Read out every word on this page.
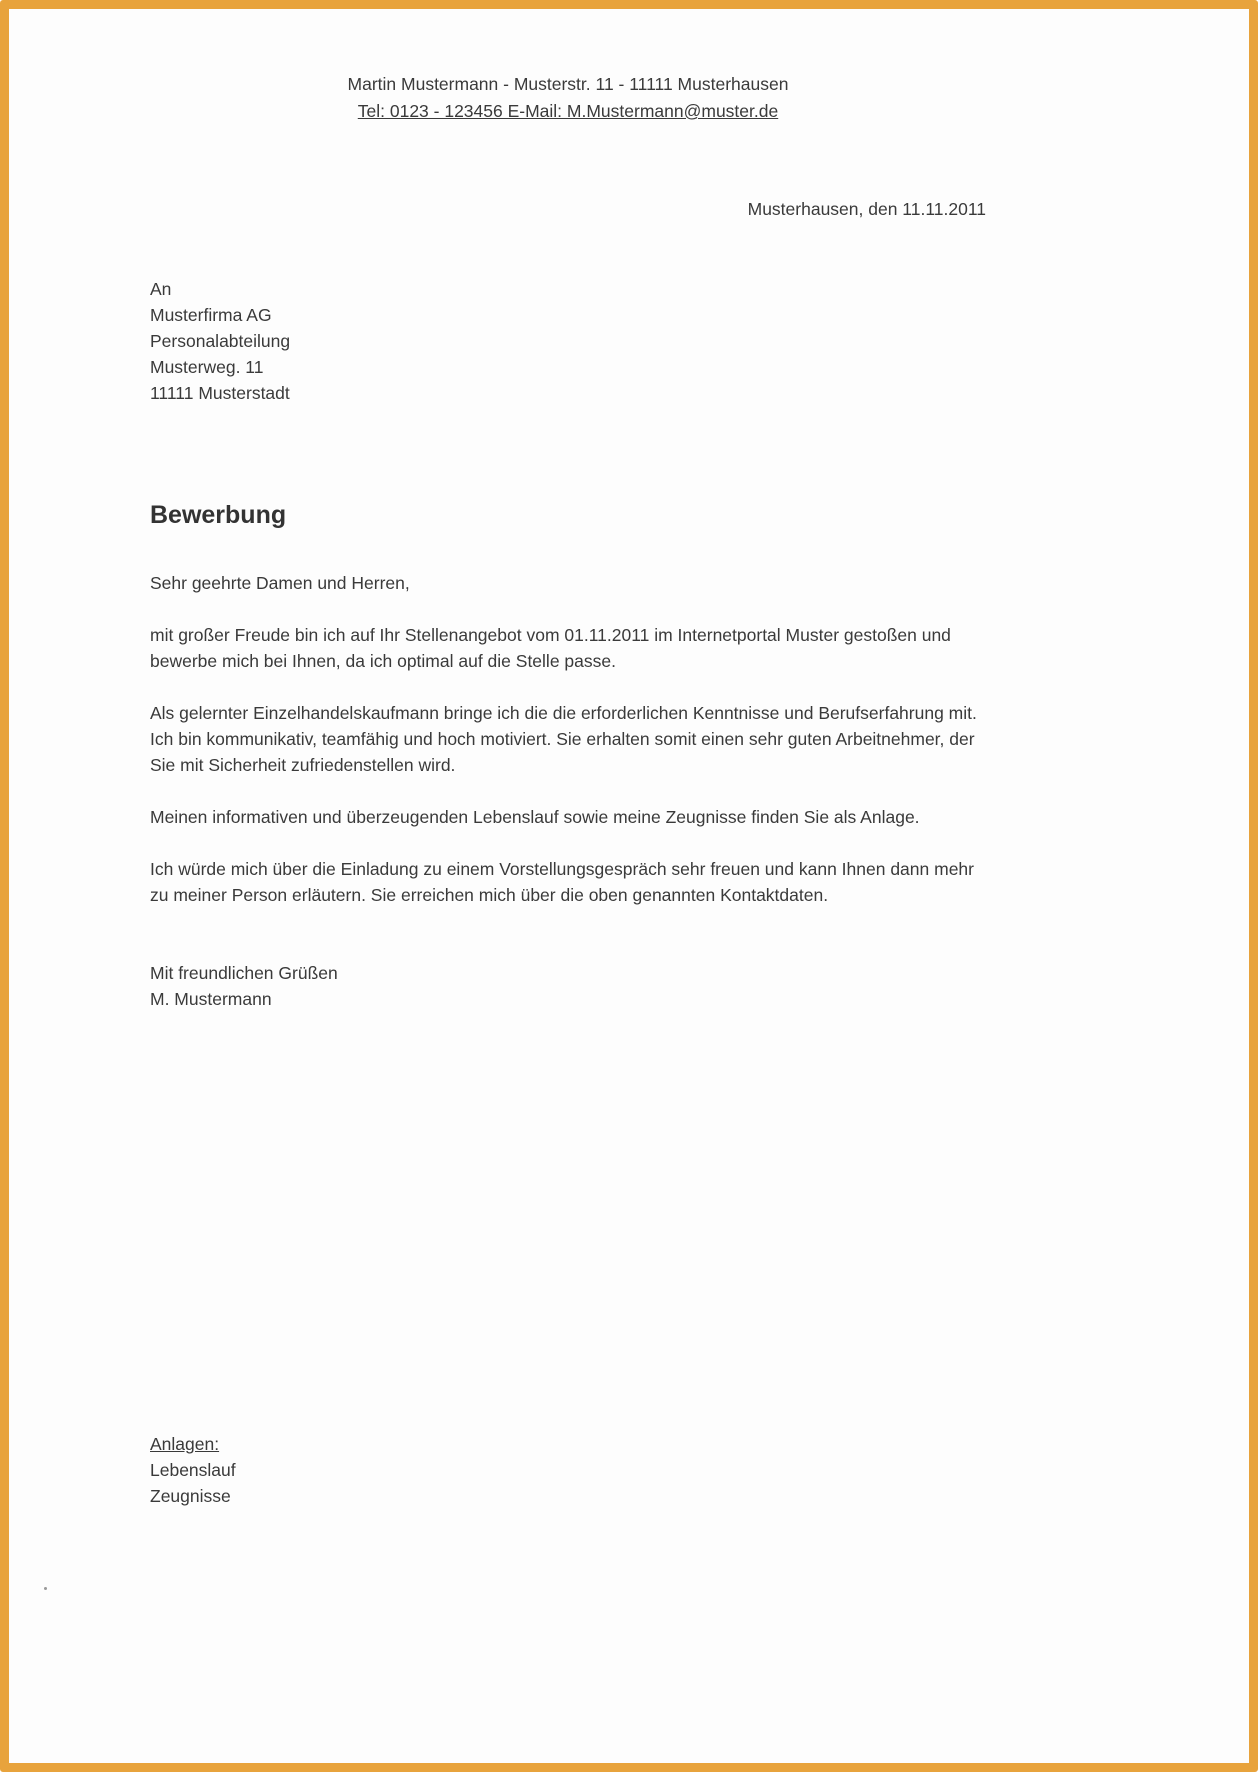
Martin Mustermann - Musterstr. 11 - 11111 Musterhausen
Tel: 0123 - 123456 E-Mail: M.Mustermann@muster.de
Musterhausen, den 11.11.2011
An
Musterfirma AG
Personalabteilung
Musterweg. 11
11111 Musterstadt
Bewerbung
Sehr geehrte Damen und Herren,
mit großer Freude bin ich auf Ihr Stellenangebot vom 01.11.2011 im Internetportal Muster gestoßen und bewerbe mich bei Ihnen, da ich optimal auf die Stelle passe.
Als gelernter Einzelhandelskaufmann bringe ich die die erforderlichen Kenntnisse und Berufserfahrung mit. Ich bin kommunikativ, teamfähig und hoch motiviert. Sie erhalten somit einen sehr guten Arbeitnehmer, der Sie mit Sicherheit zufriedenstellen wird.
Meinen informativen und überzeugenden Lebenslauf sowie meine Zeugnisse finden Sie als Anlage.
Ich würde mich über die Einladung zu einem Vorstellungsgespräch sehr freuen und kann Ihnen dann mehr zu meiner Person erläutern. Sie erreichen mich über die oben genannten Kontaktdaten.
Mit freundlichen Grüßen
M. Mustermann
Anlagen:
Lebenslauf
Zeugnisse
